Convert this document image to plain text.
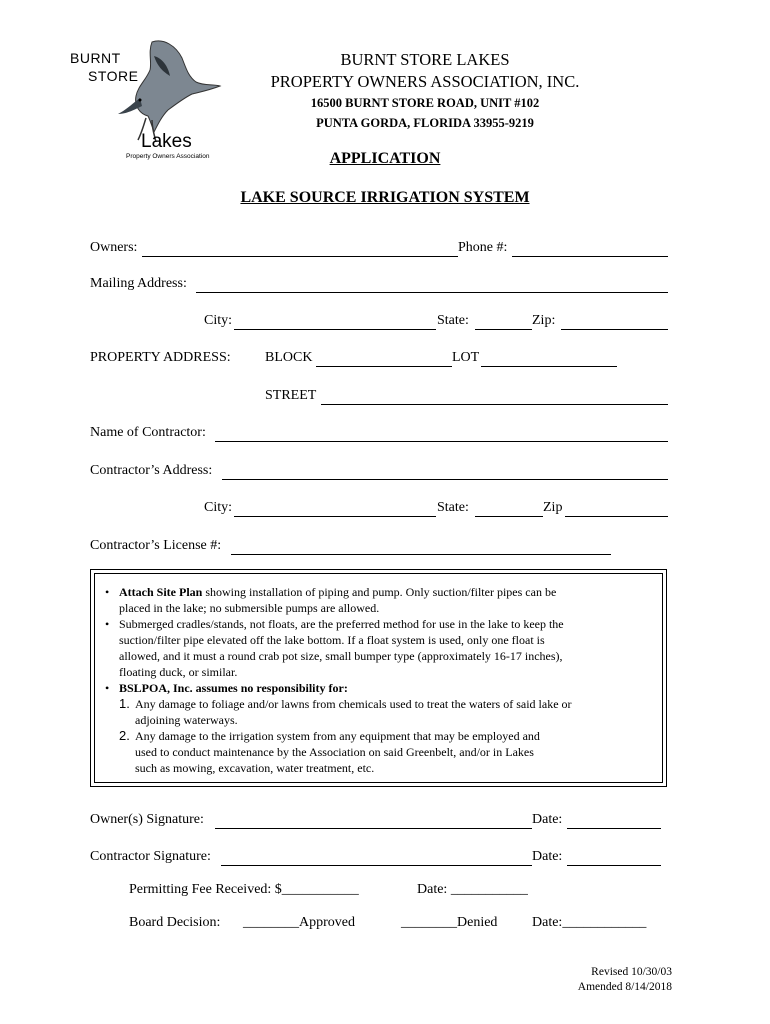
BURNT
STORE
Lakes
Property Owners Association
BURNT STORE LAKES
PROPERTY OWNERS ASSOCIATION, INC.
16500 BURNT STORE ROAD, UNIT #102
PUNTA GORDA, FLORIDA 33955-9219
APPLICATION
LAKE SOURCE IRRIGATION SYSTEM
Owners:	Phone #:
Mailing Address:
City:	State:	Zip:
PROPERTY ADDRESS: BLOCK	LOT
STREET
Name of Contractor:
Contractor’s Address:
City:	State:	Zip
Contractor’s License #:
• Attach Site Plan showing installation of piping and pump. Only suction/filter pipes can be
placed in the lake; no submersible pumps are allowed.
• Submerged cradles/stands, not floats, are the preferred method for use in the lake to keep the
suction/filter pipe elevated off the lake bottom. If a float system is used, only one float is
allowed, and it must a round crab pot size, small bumper type (approximately 16-17 inches),
floating duck, or similar.
• BSLPOA, Inc. assumes no responsibility for:
1. Any damage to foliage and/or lawns from chemicals used to treat the waters of said lake or
adjoining waterways.
2. Any damage to the irrigation system from any equipment that may be employed and
used to conduct maintenance by the Association on said Greenbelt, and/or in Lakes
such as mowing, excavation, water treatment, etc.
Owner(s) Signature:	Date:
Contractor Signature:	Date:
Permitting Fee Received: $___________	Date: ___________
Board Decision: ________Approved	________Denied Date:____________
Revised 10/30/03
Amended 8/14/2018
